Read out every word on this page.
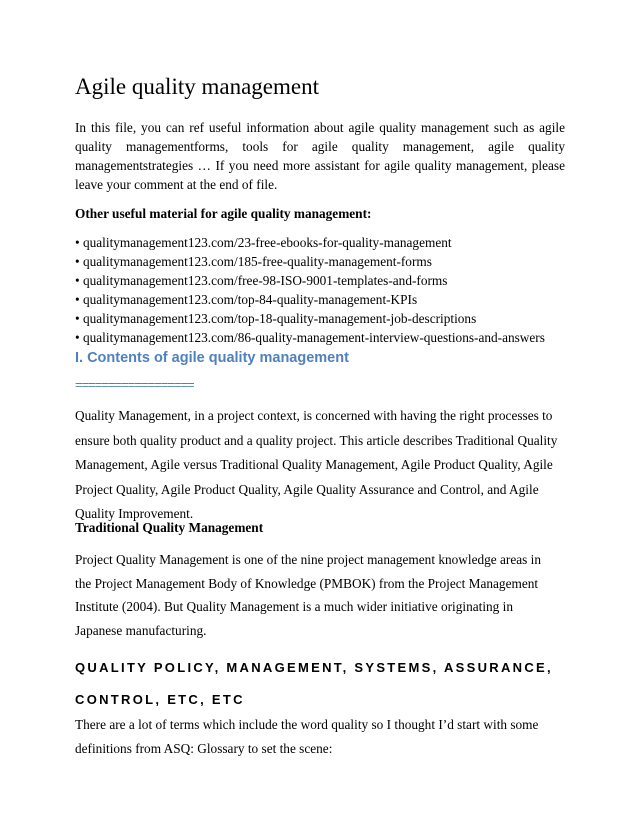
Agile quality management
In this file, you can ref useful information about agile quality management such as agile quality managementforms, tools for agile quality management, agile quality managementstrategies … If you need more assistant for agile quality management, please leave your comment at the end of file.
Other useful material for agile quality management:
• qualitymanagement123.com/23-free-ebooks-for-quality-management
• qualitymanagement123.com/185-free-quality-management-forms
• qualitymanagement123.com/free-98-ISO-9001-templates-and-forms
• qualitymanagement123.com/top-84-quality-management-KPIs
• qualitymanagement123.com/top-18-quality-management-job-descriptions
• qualitymanagement123.com/86-quality-management-interview-questions-and-answers
I. Contents of agile quality management
==================
Quality Management, in a project context, is concerned with having the right processes to ensure both quality product and a quality project. This article describes Traditional Quality Management, Agile versus Traditional Quality Management, Agile Product Quality, Agile Project Quality, Agile Product Quality, Agile Quality Assurance and Control, and Agile Quality Improvement.
Traditional Quality Management
Project Quality Management is one of the nine project management knowledge areas in the Project Management Body of Knowledge (PMBOK) from the Project Management Institute (2004). But Quality Management is a much wider initiative originating in Japanese manufacturing.
QUALITY POLICY, MANAGEMENT, SYSTEMS, ASSURANCE,
CONTROL, ETC, ETC
There are a lot of terms which include the word quality so I thought I’d start with some definitions from ASQ: Glossary to set the scene:
